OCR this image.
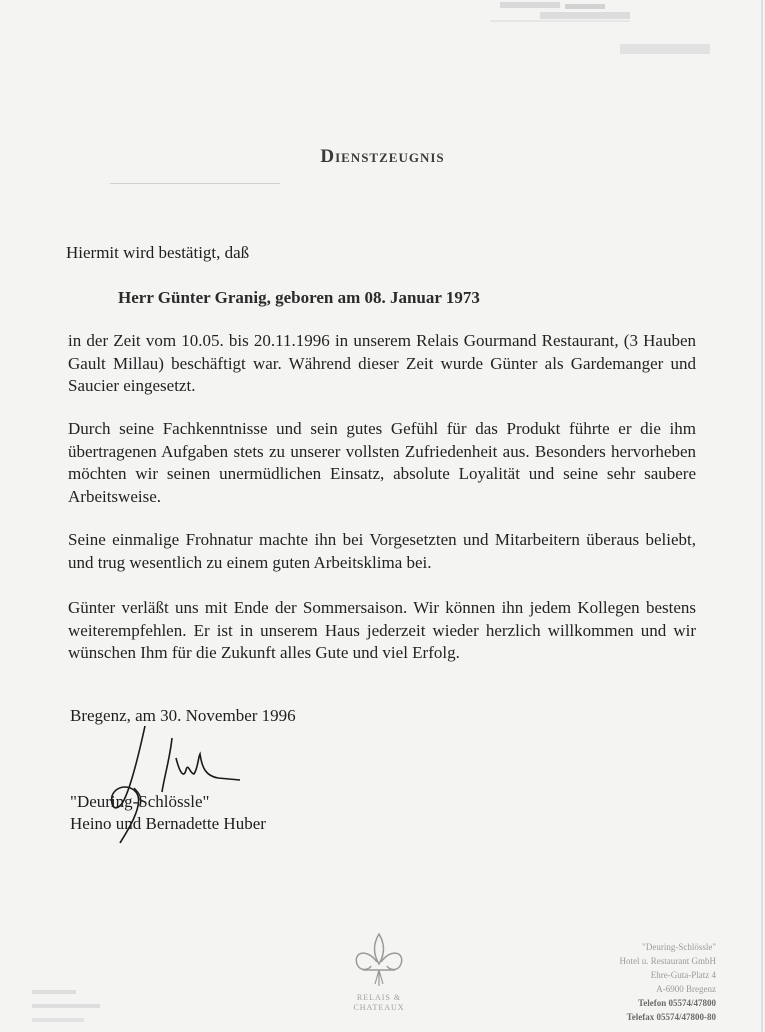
Dienstzeugnis
Hiermit wird bestätigt, daß
Herr Günter Granig, geboren am 08. Januar 1973
in der Zeit vom 10.05. bis 20.11.1996 in unserem Relais Gourmand Restaurant, (3 Hauben Gault Millau) beschäftigt war. Während dieser Zeit wurde Günter als Gardemanger und Saucier eingesetzt.
Durch seine Fachkenntnisse und sein gutes Gefühl für das Produkt führte er die ihm übertragenen Aufgaben stets zu unserer vollsten Zufriedenheit aus. Besonders hervorheben möchten wir seinen unermüdlichen Einsatz, absolute Loyalität und seine sehr saubere Arbeitsweise.
Seine einmalige Frohnatur machte ihn bei Vorgesetzten und Mitarbeitern überaus beliebt, und trug wesentlich zu einem guten Arbeitsklima bei.
Günter verläßt uns mit Ende der Sommersaison. Wir können ihn jedem Kollegen bestens weiterempfehlen. Er ist in unserem Haus jederzeit wieder herzlich willkommen und wir wünschen Ihm für die Zukunft alles Gute und viel Erfolg.
Bregenz, am 30. November 1996
"Deuring-Schlössle"
Heino und Bernadette Huber
RELAIS &
CHATEAUX
"Deuring-Schlössle"
Hotel u. Restaurant GmbH
Ehre-Guta-Platz 4
A-6900 Bregenz
Telefon 05574/47800
Telefax 05574/47800-80
